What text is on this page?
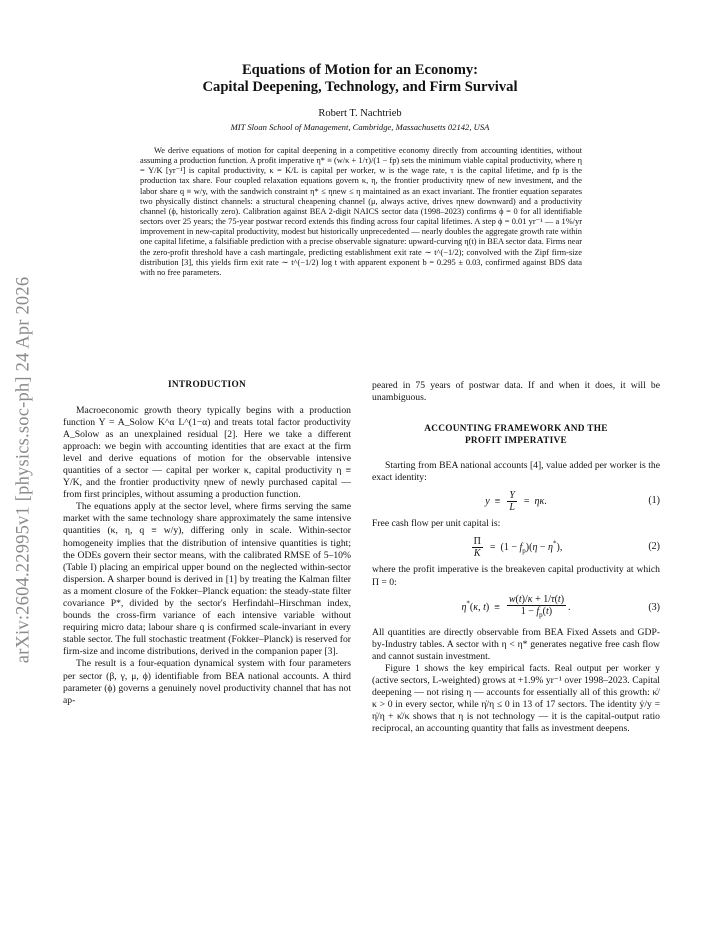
arXiv:2604.22995v1 [physics.soc-ph] 24 Apr 2026
Equations of Motion for an Economy:
Capital Deepening, Technology, and Firm Survival
Robert T. Nachtrieb
MIT Sloan School of Management, Cambridge, Massachusetts 02142, USA

We derive equations of motion for capital deepening in a competitive economy directly from accounting identities, without assuming a production function. A profit imperative η* ≡ (w/κ + 1/τ)/(1 − fp) sets the minimum viable capital productivity, where η = Y/K [yr⁻¹] is capital productivity, κ = K/L is capital per worker, w is the wage rate, τ is the capital lifetime, and fp is the production tax share. Four coupled relaxation equations govern κ, η, the frontier productivity ηnew of new investment, and the labor share q ≡ w/y, with the sandwich constraint η* ≤ ηnew ≤ η maintained as an exact invariant. The frontier equation separates two physically distinct channels: a structural cheapening channel (μ, always active, drives ηnew downward) and a productivity channel (ϕ, historically zero). Calibration against BEA 2-digit NAICS sector data (1998–2023) confirms ϕ = 0 for all identifiable sectors over 25 years; the 75-year postwar record extends this finding across four capital lifetimes. A step ϕ = 0.01 yr⁻¹ — a 1%/yr improvement in new-capital productivity, modest but historically unprecedented — nearly doubles the aggregate growth rate within one capital lifetime, a falsifiable prediction with a precise observable signature: upward-curving η(t) in BEA sector data. Firms near the zero-profit threshold have a cash martingale, predicting establishment exit rate ∼ t^(−1/2); convolved with the Zipf firm-size distribution [3], this yields firm exit rate ∼ t^(−1/2) log t with apparent exponent b = 0.295 ± 0.03, confirmed against BDS data with no free parameters.

INTRODUCTION

Macroeconomic growth theory typically begins with a production function Y = A_Solow K^α L^(1−α) and treats total factor productivity A_Solow as an unexplained residual [2]. Here we take a different approach: we begin with accounting identities that are exact at the firm level and derive equations of motion for the observable intensive quantities of a sector — capital per worker κ, capital productivity η ≡ Y/K, and the frontier productivity ηnew of newly purchased capital — from first principles, without assuming a production function.

The equations apply at the sector level, where firms serving the same market with the same technology share approximately the same intensive quantities (κ, η, q ≡ w/y), differing only in scale. Within-sector homogeneity implies that the distribution of intensive quantities is tight; the ODEs govern their sector means, with the calibrated RMSE of 5–10% (Table I) placing an empirical upper bound on the neglected within-sector dispersion. A sharper bound is derived in [1] by treating the Kalman filter as a moment closure of the Fokker–Planck equation: the steady-state filter covariance P*, divided by the sector's Herfindahl–Hirschman index, bounds the cross-firm variance of each intensive variable without requiring micro data; labour share q is confirmed scale-invariant in every stable sector. The full stochastic treatment (Fokker–Planck) is reserved for firm-size and income distributions, derived in the companion paper [3].

The result is a four-equation dynamical system with four parameters per sector (β, γ, μ, ϕ) identifiable from BEA national accounts. A third parameter (ϕ) governs a genuinely novel productivity channel that has not ap-

peared in 75 years of postwar data. If and when it does, it will be unambiguous.

ACCOUNTING FRAMEWORK AND THE
PROFIT IMPERATIVE

Starting from BEA national accounts [4], value added per worker is the exact identity:

$y \equiv \frac{Y}{L} = \eta\kappa$.	(1)

Free cash flow per unit capital is:

$\frac{\Pi}{K} = (1 - f_p)(\eta - \eta^*)$,	(2)

where the profit imperative is the breakeven capital productivity at which Π = 0:

η*(κ, $t) \equiv \frac{w(t)/\kappa + 1/\tau(t)}{1 - f_p(t)}$ .	(3)

All quantities are directly observable from BEA Fixed Assets and GDP-by-Industry tables. A sector with η < η* generates negative free cash flow and cannot sustain investment.

Figure 1 shows the key empirical facts. Real output per worker y (active sectors, L-weighted) grows at +1.9% yr⁻¹ over 1998–2023. Capital deepening — not rising η — accounts for essentially all of this growth: κ̇/κ > 0 in every sector, while η̇/η ≤ 0 in 13 of 17 sectors. The identity ẏ/y = η̇/η + κ̇/κ shows that η is not technology — it is the capital-output ratio reciprocal, an accounting quantity that falls as investment deepens.
